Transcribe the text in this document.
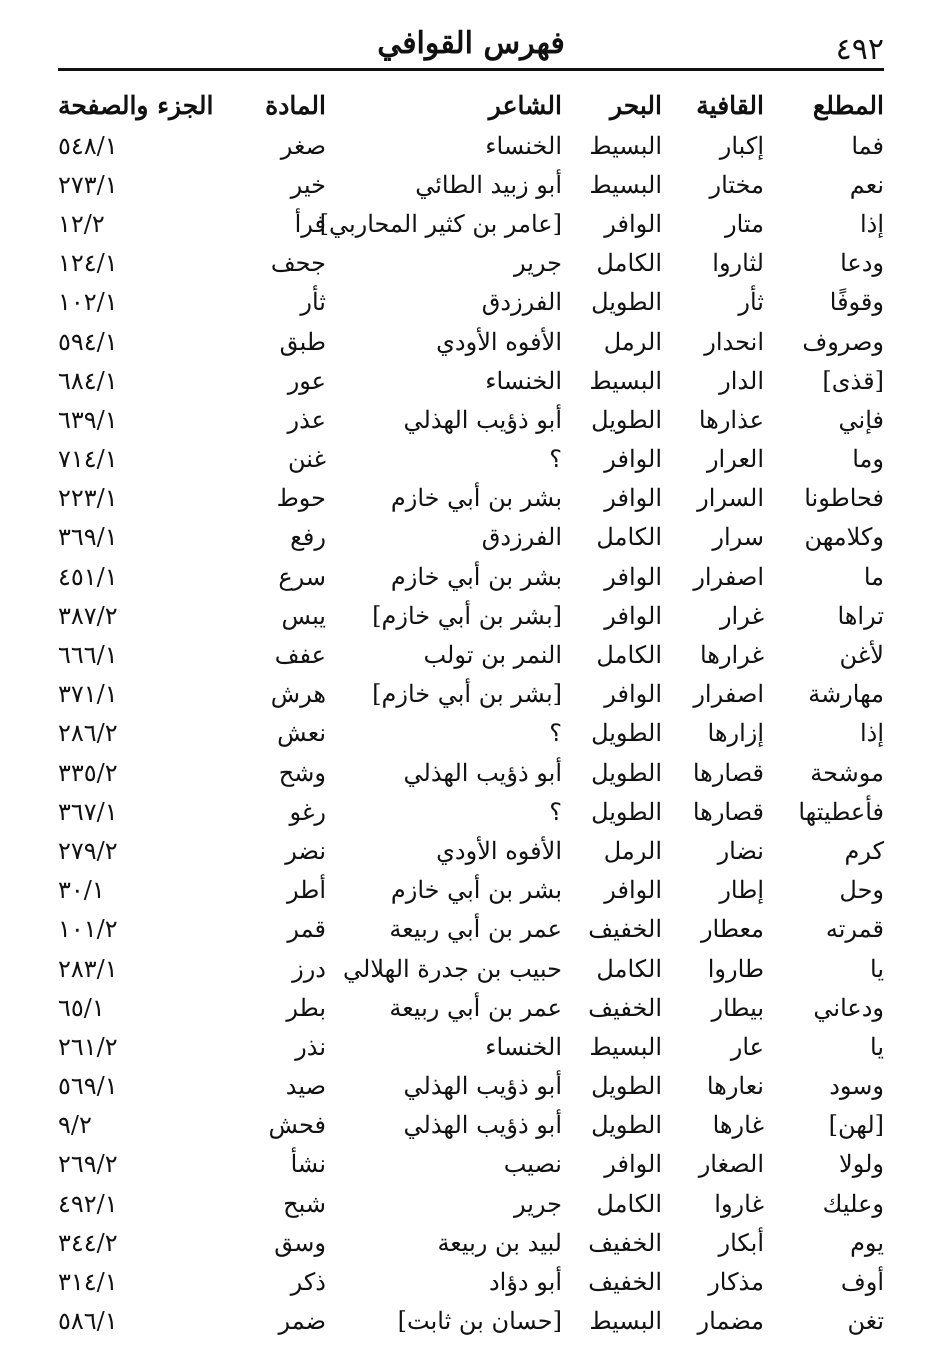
فهرس القوافي	٤٩٢
المطلع
القافية
البحر
الشاعر
المادة
الجزء والصفحة
فما
إكبار
البسيط
الخنساء
صغر
٥٤٨/١
نعم
مختار
البسيط
أبو زبيد الطائي
خير
٢٧٣/١
إذا
متار
الوافر
[عامر بن كثير المحاربي]
فرأ
١٢/٢
ودعا
لثاروا
الكامل
جرير
جحف
١٢٤/١
وقوفًا
ثأر
الطويل
الفرزدق
ثأر
١٠٢/١
وصروف
انحدار
الرمل
الأفوه الأودي
طبق
٥٩٤/١
[قذى]
الدار
البسيط
الخنساء
عور
٦٨٤/١
فإني
عذارها
الطويل
أبو ذؤيب الهذلي
عذر
٦٣٩/١
وما
العرار
الوافر
؟
غنن
٧١٤/١
فحاطونا
السرار
الوافر
بشر بن أبي خازم
حوط
٢٢٣/١
وكلامهن
سرار
الكامل
الفرزدق
رفع
٣٦٩/١
ما
اصفرار
الوافر
بشر بن أبي خازم
سرع
٤٥١/١
تراها
غرار
الوافر
[بشر بن أبي خازم]
يبس
٣٨٧/٢
لأغن
غرارها
الكامل
النمر بن تولب
عفف
٦٦٦/١
مهارشة
اصفرار
الوافر
[بشر بن أبي خازم]
هرش
٣٧١/١
إذا
إزارها
الطويل
؟
نعش
٢٨٦/٢
موشحة
قصارها
الطويل
أبو ذؤيب الهذلي
وشح
٣٣٥/٢
فأعطيتها
قصارها
الطويل
؟
رغو
٣٦٧/١
كرم
نضار
الرمل
الأفوه الأودي
نضر
٢٧٩/٢
وحل
إطار
الوافر
بشر بن أبي خازم
أطر
٣٠/١
قمرته
معطار
الخفيف
عمر بن أبي ربيعة
قمر
١٠١/٢
يا
طاروا
الكامل
حبيب بن جدرة الهلالي
درز
٢٨٣/١
ودعاني
بيطار
الخفيف
عمر بن أبي ربيعة
بطر
٦٥/١
يا
عار
البسيط
الخنساء
نذر
٢٦١/٢
وسود
نعارها
الطويل
أبو ذؤيب الهذلي
صيد
٥٦٩/١
[لهن]
غارها
الطويل
أبو ذؤيب الهذلي
فحش
٩/٢
ولولا
الصغار
الوافر
نصيب
نشأ
٢٦٩/٢
وعليك
غاروا
الكامل
جرير
شبح
٤٩٢/١
يوم
أبكار
الخفيف
لبيد بن ربيعة
وسق
٣٤٤/٢
أوف
مذكار
الخفيف
أبو دؤاد
ذكر
٣١٤/١
تغن
مضمار
البسيط
[حسان بن ثابت]
ضمر
٥٨٦/١
